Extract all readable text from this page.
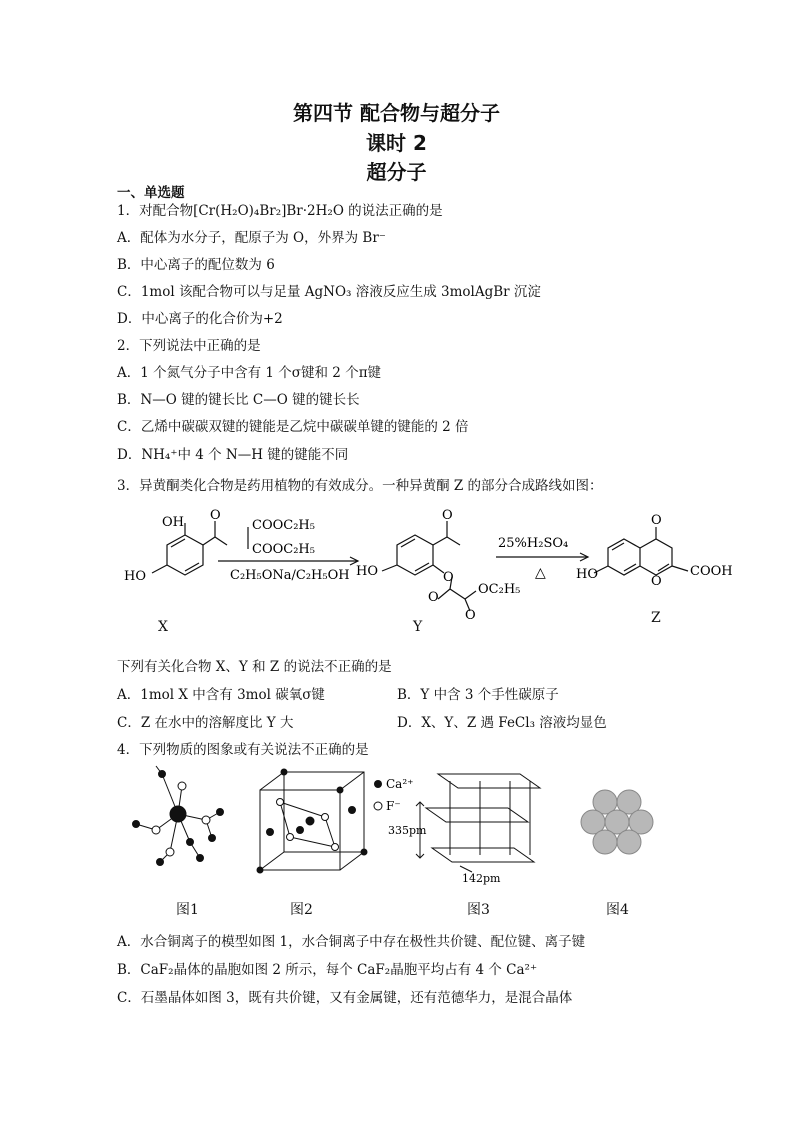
第四节 配合物与超分子
课时 2
超分子
一、单选题
1．对配合物[Cr(H₂O)₄Br₂]Br·2H₂O 的说法正确的是
A．配体为水分子，配原子为 O，外界为 Br⁻
B．中心离子的配位数为 6
C．1mol 该配合物可以与足量 AgNO₃ 溶液反应生成 3molAgBr 沉淀
D．中心离子的化合价为+2
2．下列说法中正确的是
A．1 个氮气分子中含有 1 个σ键和 2 个π键
B．N—O 键的键长比 C—O 键的键长长
C．乙烯中碳碳双键的键能是乙烷中碳碳单键的键能的 2 倍
D．NH₄⁺中 4 个 N—H 键的键能不同
3．异黄酮类化合物是药用植物的有效成分。一种异黄酮 Z 的部分合成路线如图：
OH O
HO
COOC₂H₅
COOC₂H₅
C₂H₅ONa/C₂H₅OH
O
HO	O
O
O
OC₂H₅
25%H₂SO₄
△
O
HO	O
COOH
X	Y
Z
下列有关化合物 X、Y 和 Z 的说法不正确的是
A．1mol X 中含有 3mol 碳氧σ键	B．Y 中含 3 个手性碳原子
C．Z 在水中的溶解度比 Y 大	D．X、Y、Z 遇 FeCl₃ 溶液均显色
4．下列物质的图象或有关说法不正确的是
Ca²⁺
F⁻
335pm
142pm
图1	图2	图3	图4
A．水合铜离子的模型如图 1，水合铜离子中存在极性共价键、配位键、离子键
B．CaF₂晶体的晶胞如图 2 所示，每个 CaF₂晶胞平均占有 4 个 Ca²⁺
C．石墨晶体如图 3，既有共价键，又有金属键，还有范德华力，是混合晶体
